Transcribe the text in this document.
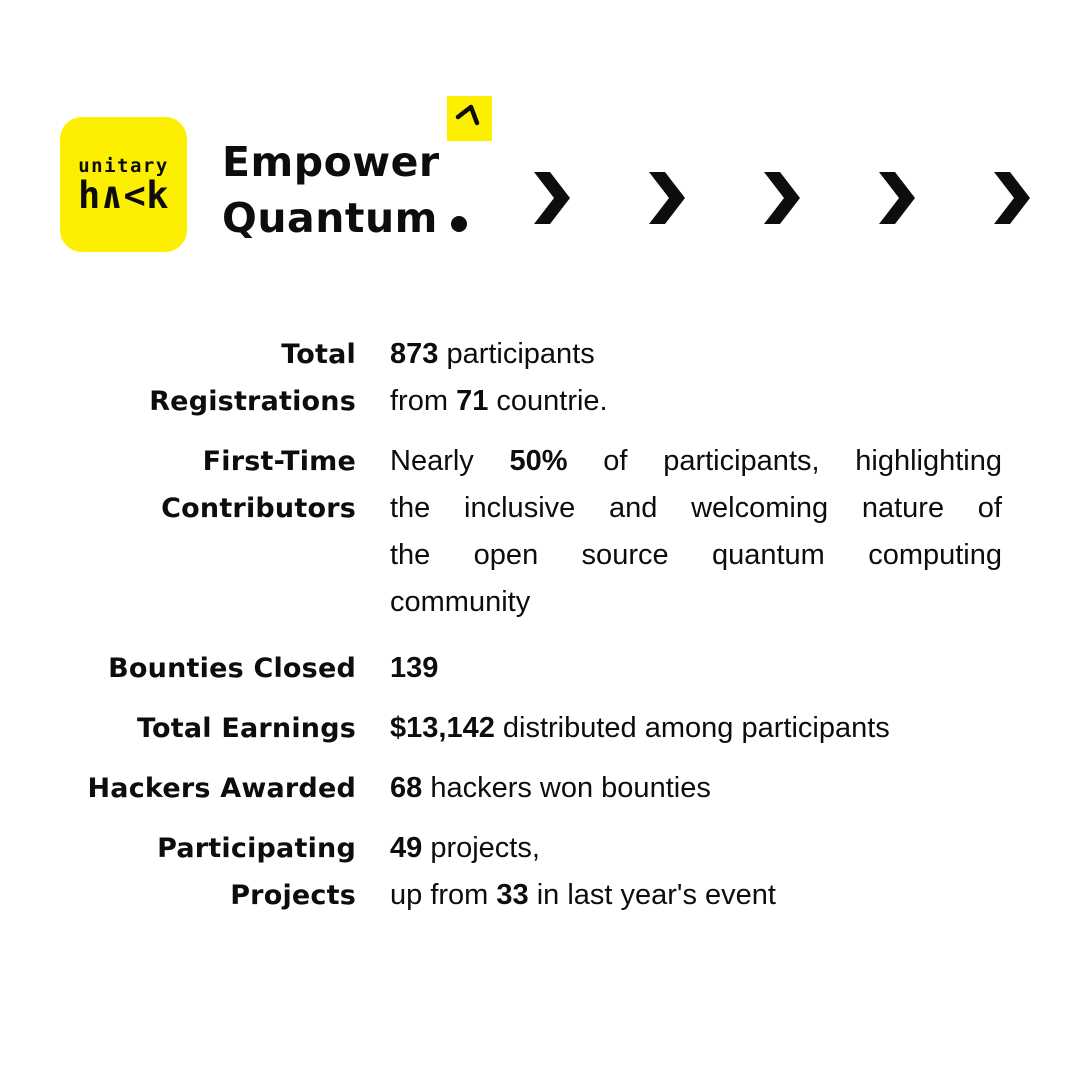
unitary
h∧<k
Empower
Quantum
Total
Registrations
873 participants
from 71 countrie.
First-Time
Contributors
Nearly 50% of participants, highlighting
the inclusive and welcoming nature of
the open source quantum computing
community
Bounties Closed 139
Total Earnings $13,142 distributed among participants
Hackers Awarded 68 hackers won bounties
Participating
Projects
49 projects,
up from 33 in last year's event
